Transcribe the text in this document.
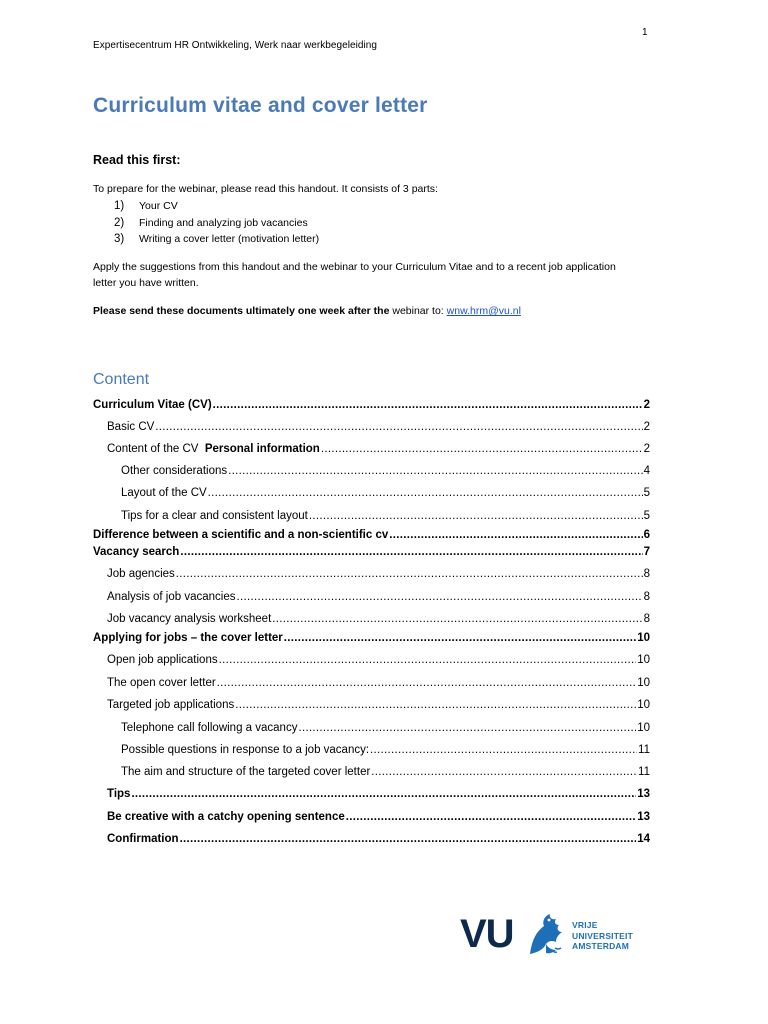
1
Expertisecentrum HR Ontwikkeling, Werk naar werkbegeleiding
Curriculum vitae and cover letter
Read this first:

To prepare for the webinar, please read this handout. It consists of 3 parts:

1)	Your CV
2)	Finding and analyzing job vacancies
3)	Writing a cover letter (motivation letter)

Apply the suggestions from this handout and the webinar to your Curriculum Vitae and to a recent job application letter you have written.

Please send these documents ultimately one week after the webinar to: wnw.hrm@vu.nl

Content
Curriculum Vitae (CV) .....	2
Basic CV .....	2
Content of the CV  Personal information .....	2
Other considerations .....	4
Layout of the CV .....	5
Tips for a clear and consistent layout .....	5
Difference between a scientific and a non-scientific cv .....	6
Vacancy search .....	7
Job agencies .....	8
Analysis of job vacancies .....	8
Job vacancy analysis worksheet .....	8
Applying for jobs – the cover letter .....	10
Open job applications .....	10
The open cover letter .....	10
Targeted job applications .....	10
Telephone call following a vacancy .....	10
Possible questions in response to a job vacancy: .....	11
The aim and structure of the targeted cover letter .....	11
Tips .....	13
Be creative with a catchy opening sentence .....	13
Confirmation .....	14
VU	VRIJE
UNIVERSITEIT
AMSTERDAM
